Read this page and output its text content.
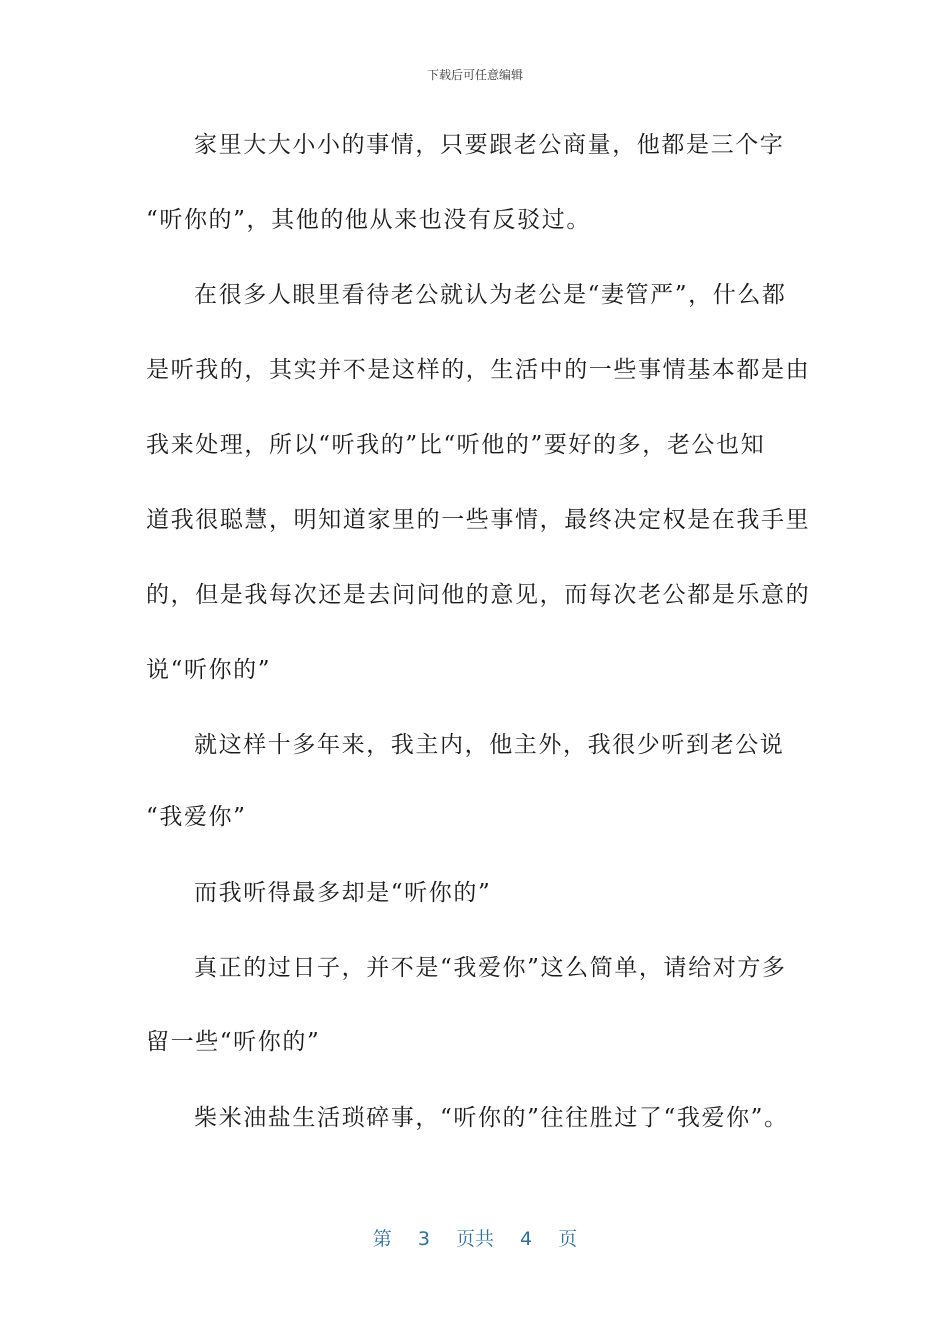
下载后可任意编辑
家里大大小小的事情，只要跟老公商量，他都是三个字
“听你的”，其他的他从来也没有反驳过。
在很多人眼里看待老公就认为老公是“妻管严”，什么都
是听我的，其实并不是这样的，生活中的一些事情基本都是由
我来处理，所以“听我的”比“听他的”要好的多，老公也知
道我很聪慧，明知道家里的一些事情，最终决定权是在我手里
的，但是我每次还是去问问他的意见，而每次老公都是乐意的
说“听你的”
就这样十多年来，我主内，他主外，我很少听到老公说
“我爱你”
而我听得最多却是“听你的”
真正的过日子，并不是“我爱你”这么简单，请给对方多
留一些“听你的”
柴米油盐生活琐碎事，“听你的”往往胜过了“我爱你”。
第 3 页共 4 页
